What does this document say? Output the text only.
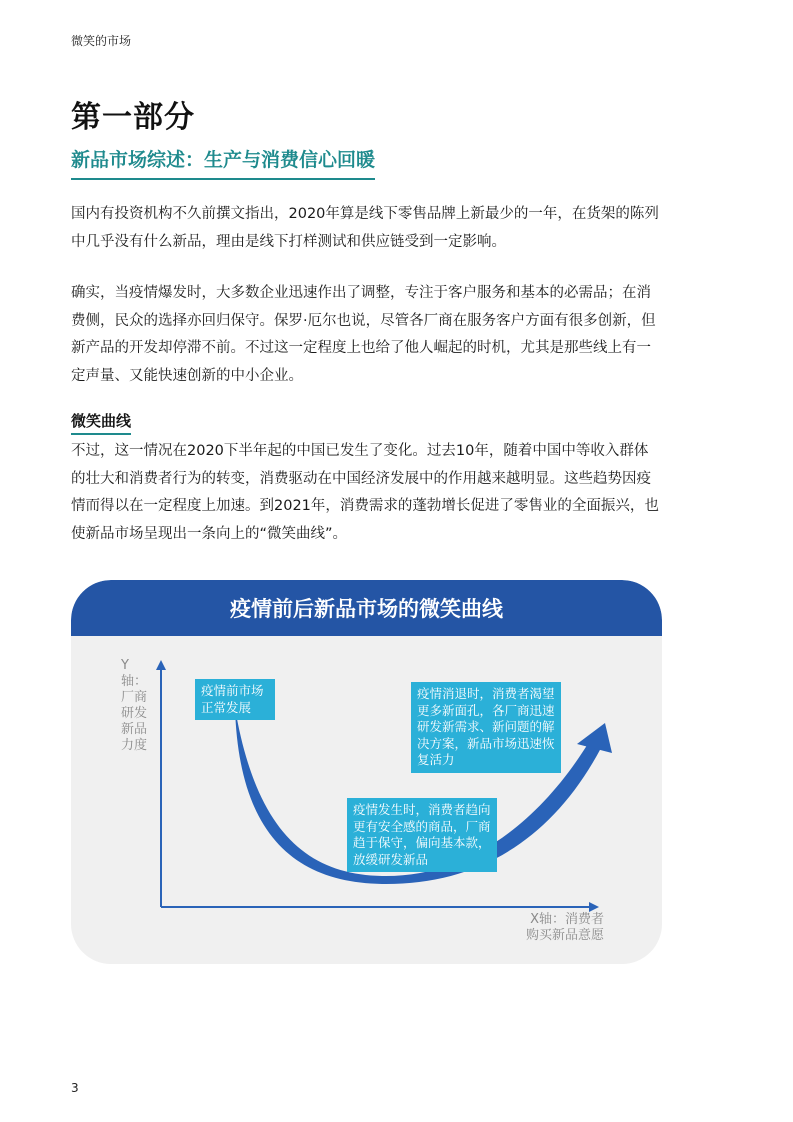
微笑的市场
第一部分
新品市场综述：生产与消费信心回暖

国内有投资机构不久前撰文指出，2020年算是线下零售品牌上新最少的一年，在货架的陈列中几乎没有什么新品，理由是线下打样测试和供应链受到一定影响。

确实，当疫情爆发时，大多数企业迅速作出了调整，专注于客户服务和基本的必需品；在消费侧，民众的选择亦回归保守。保罗·厄尔也说，尽管各厂商在服务客户方面有很多创新，但新产品的开发却停滞不前。不过这一定程度上也给了他人崛起的时机，尤其是那些线上有一定声量、又能快速创新的中小企业。

微笑曲线

不过，这一情况在2020下半年起的中国已发生了变化。过去10年，随着中国中等收入群体的壮大和消费者行为的转变，消费驱动在中国经济发展中的作用越来越明显。这些趋势因疫情而得以在一定程度上加速。到2021年，消费需求的蓬勃增长促进了零售业的全面振兴，也使新品市场呈现出一条向上的“微笑曲线”。

疫情前后新品市场的微笑曲线
Y轴：厂商研发新品力度
X轴：消费者购买新品意愿
疫情前市场正常发展
疫情发生时，消费者趋向更有安全感的商品，厂商趋于保守，偏向基本款，放缓研发新品
疫情消退时，消费者渴望更多新面孔，各厂商迅速研发新需求、新问题的解决方案，新品市场迅速恢复活力
3
